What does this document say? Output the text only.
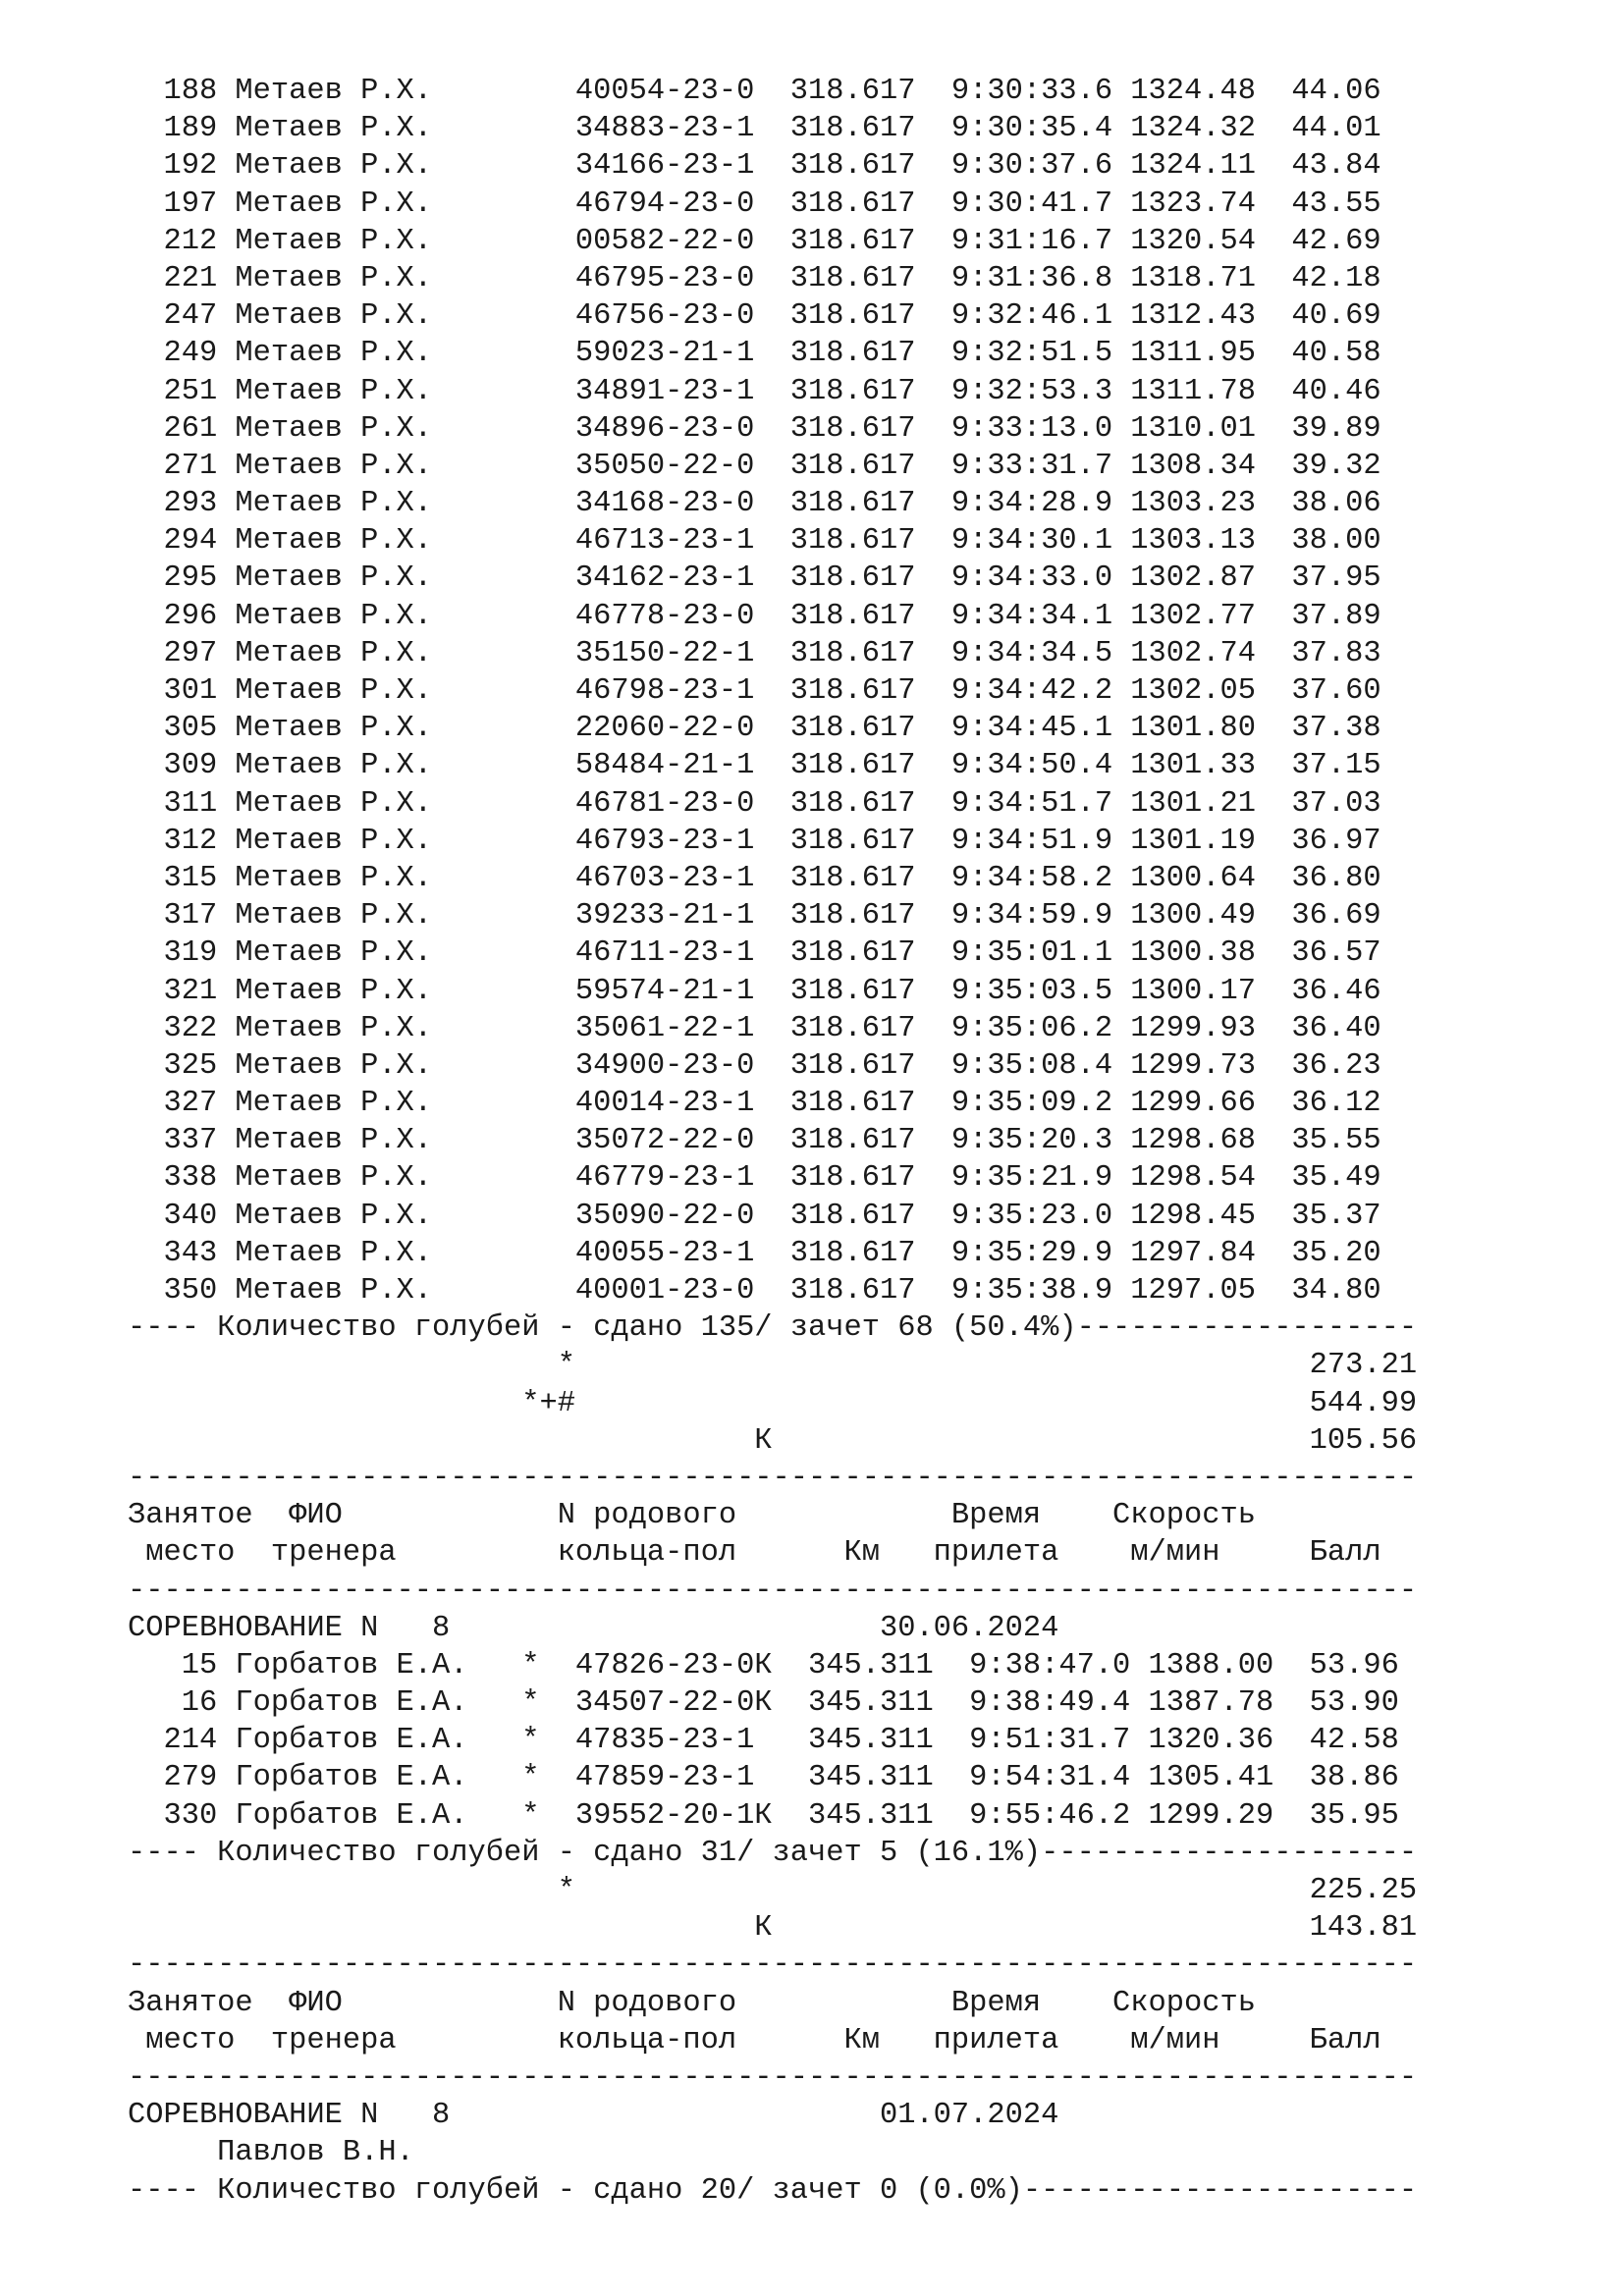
188 Метаев Р.Х.        40054-23-0  318.617  9:30:33.6 1324.48  44.06
189 Метаев Р.Х.        34883-23-1  318.617  9:30:35.4 1324.32  44.01
192 Метаев Р.Х.        34166-23-1  318.617  9:30:37.6 1324.11  43.84
197 Метаев Р.Х.        46794-23-0  318.617  9:30:41.7 1323.74  43.55
212 Метаев Р.Х.        00582-22-0  318.617  9:31:16.7 1320.54  42.69
221 Метаев Р.Х.        46795-23-0  318.617  9:31:36.8 1318.71  42.18
247 Метаев Р.Х.        46756-23-0  318.617  9:32:46.1 1312.43  40.69
249 Метаев Р.Х.        59023-21-1  318.617  9:32:51.5 1311.95  40.58
251 Метаев Р.Х.        34891-23-1  318.617  9:32:53.3 1311.78  40.46
261 Метаев Р.Х.        34896-23-0  318.617  9:33:13.0 1310.01  39.89
271 Метаев Р.Х.        35050-22-0  318.617  9:33:31.7 1308.34  39.32
293 Метаев Р.Х.        34168-23-0  318.617  9:34:28.9 1303.23  38.06
294 Метаев Р.Х.        46713-23-1  318.617  9:34:30.1 1303.13  38.00
295 Метаев Р.Х.        34162-23-1  318.617  9:34:33.0 1302.87  37.95
296 Метаев Р.Х.        46778-23-0  318.617  9:34:34.1 1302.77  37.89
297 Метаев Р.Х.        35150-22-1  318.617  9:34:34.5 1302.74  37.83
301 Метаев Р.Х.        46798-23-1  318.617  9:34:42.2 1302.05  37.60
305 Метаев Р.Х.        22060-22-0  318.617  9:34:45.1 1301.80  37.38
309 Метаев Р.Х.        58484-21-1  318.617  9:34:50.4 1301.33  37.15
311 Метаев Р.Х.        46781-23-0  318.617  9:34:51.7 1301.21  37.03
312 Метаев Р.Х.        46793-23-1  318.617  9:34:51.9 1301.19  36.97
315 Метаев Р.Х.        46703-23-1  318.617  9:34:58.2 1300.64  36.80
317 Метаев Р.Х.        39233-21-1  318.617  9:34:59.9 1300.49  36.69
319 Метаев Р.Х.        46711-23-1  318.617  9:35:01.1 1300.38  36.57
321 Метаев Р.Х.        59574-21-1  318.617  9:35:03.5 1300.17  36.46
322 Метаев Р.Х.        35061-22-1  318.617  9:35:06.2 1299.93  36.40
325 Метаев Р.Х.        34900-23-0  318.617  9:35:08.4 1299.73  36.23
327 Метаев Р.Х.        40014-23-1  318.617  9:35:09.2 1299.66  36.12
337 Метаев Р.Х.        35072-22-0  318.617  9:35:20.3 1298.68  35.55
338 Метаев Р.Х.        46779-23-1  318.617  9:35:21.9 1298.54  35.49
340 Метаев Р.Х.        35090-22-0  318.617  9:35:23.0 1298.45  35.37
343 Метаев Р.Х.        40055-23-1  318.617  9:35:29.9 1297.84  35.20
350 Метаев Р.Х.        40001-23-0  318.617  9:35:38.9 1297.05  34.80
---- Количество голубей - сдано 135/ зачет 68 (50.4%)-------------------
*                                         273.21
*+#                                         544.99
К                              105.56
------------------------------------------------------------------------
Занятое  ФИО            N родового            Время    Скорость
место  тренера         кольца-пол      Км   прилета    м/мин     Балл
------------------------------------------------------------------------
СОРЕВНОВАНИЕ N   8                        30.06.2024
15 Горбатов Е.А.   *  47826-23-0К  345.311  9:38:47.0 1388.00  53.96
16 Горбатов Е.А.   *  34507-22-0К  345.311  9:38:49.4 1387.78  53.90
214 Горбатов Е.А.   *  47835-23-1   345.311  9:51:31.7 1320.36  42.58
279 Горбатов Е.А.   *  47859-23-1   345.311  9:54:31.4 1305.41  38.86
330 Горбатов Е.А.   *  39552-20-1К  345.311  9:55:46.2 1299.29  35.95
---- Количество голубей - сдано 31/ зачет 5 (16.1%)---------------------
*                                         225.25
К                              143.81
------------------------------------------------------------------------
Занятое  ФИО            N родового            Время    Скорость
место  тренера         кольца-пол      Км   прилета    м/мин     Балл
------------------------------------------------------------------------
СОРЕВНОВАНИЕ N   8                        01.07.2024
Павлов В.Н.
---- Количество голубей - сдано 20/ зачет 0 (0.0%)----------------------
